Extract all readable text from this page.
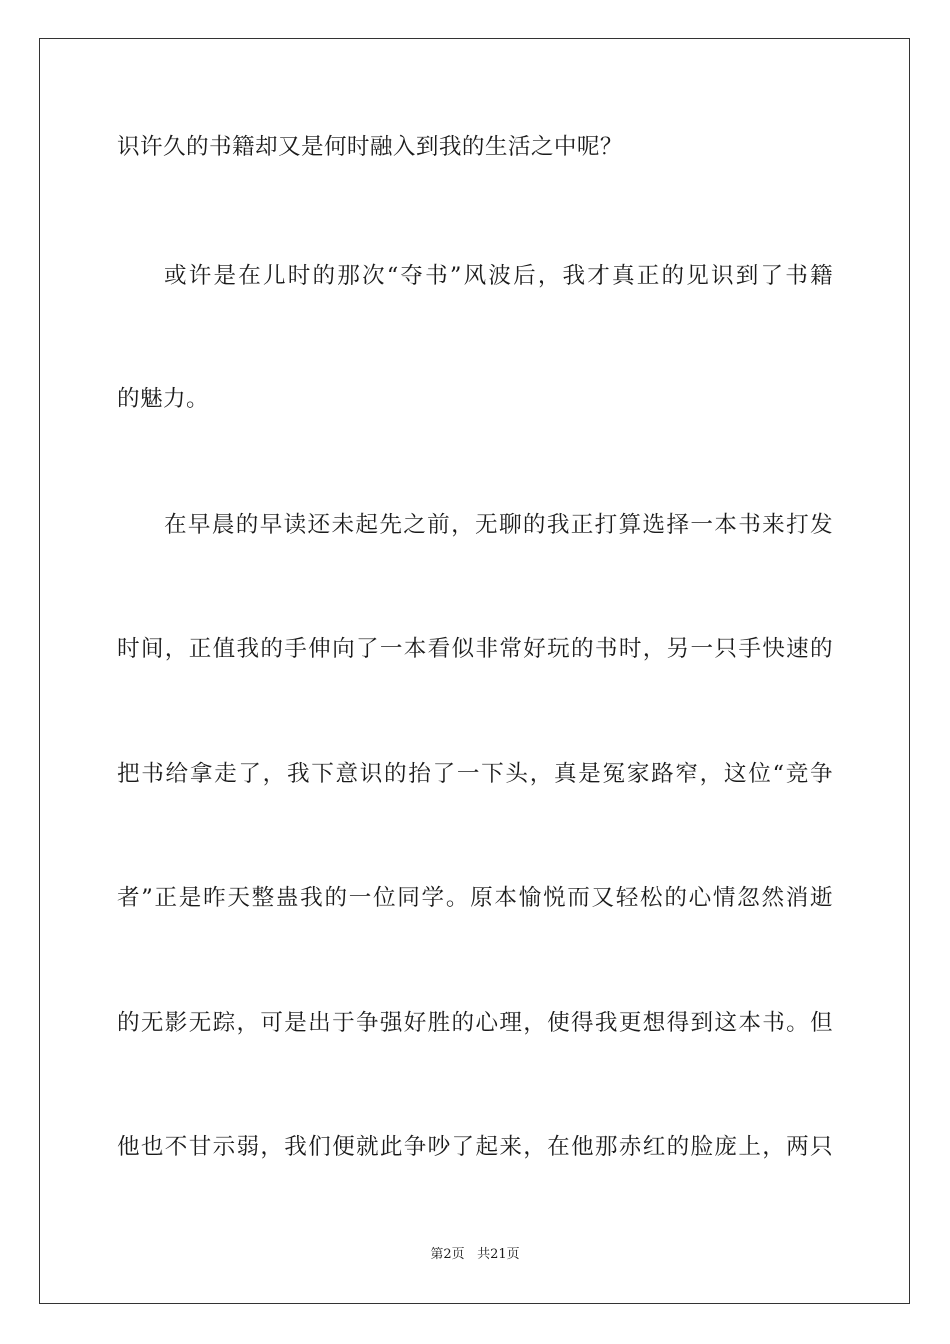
识许久的书籍却又是何时融入到我的生活之中呢？
或许是在儿时的那次“夺书”风波后，我才真正的见识到了书籍
的魅力。
在早晨的早读还未起先之前，无聊的我正打算选择一本书来打发
时间，正值我的手伸向了一本看似非常好玩的书时，另一只手快速的
把书给拿走了，我下意识的抬了一下头，真是冤家路窄，这位“竞争
者”正是昨天整蛊我的一位同学。原本愉悦而又轻松的心情忽然消逝
的无影无踪，可是出于争强好胜的心理，使得我更想得到这本书。但
他也不甘示弱，我们便就此争吵了起来，在他那赤红的脸庞上，两只
第2页 共21页
